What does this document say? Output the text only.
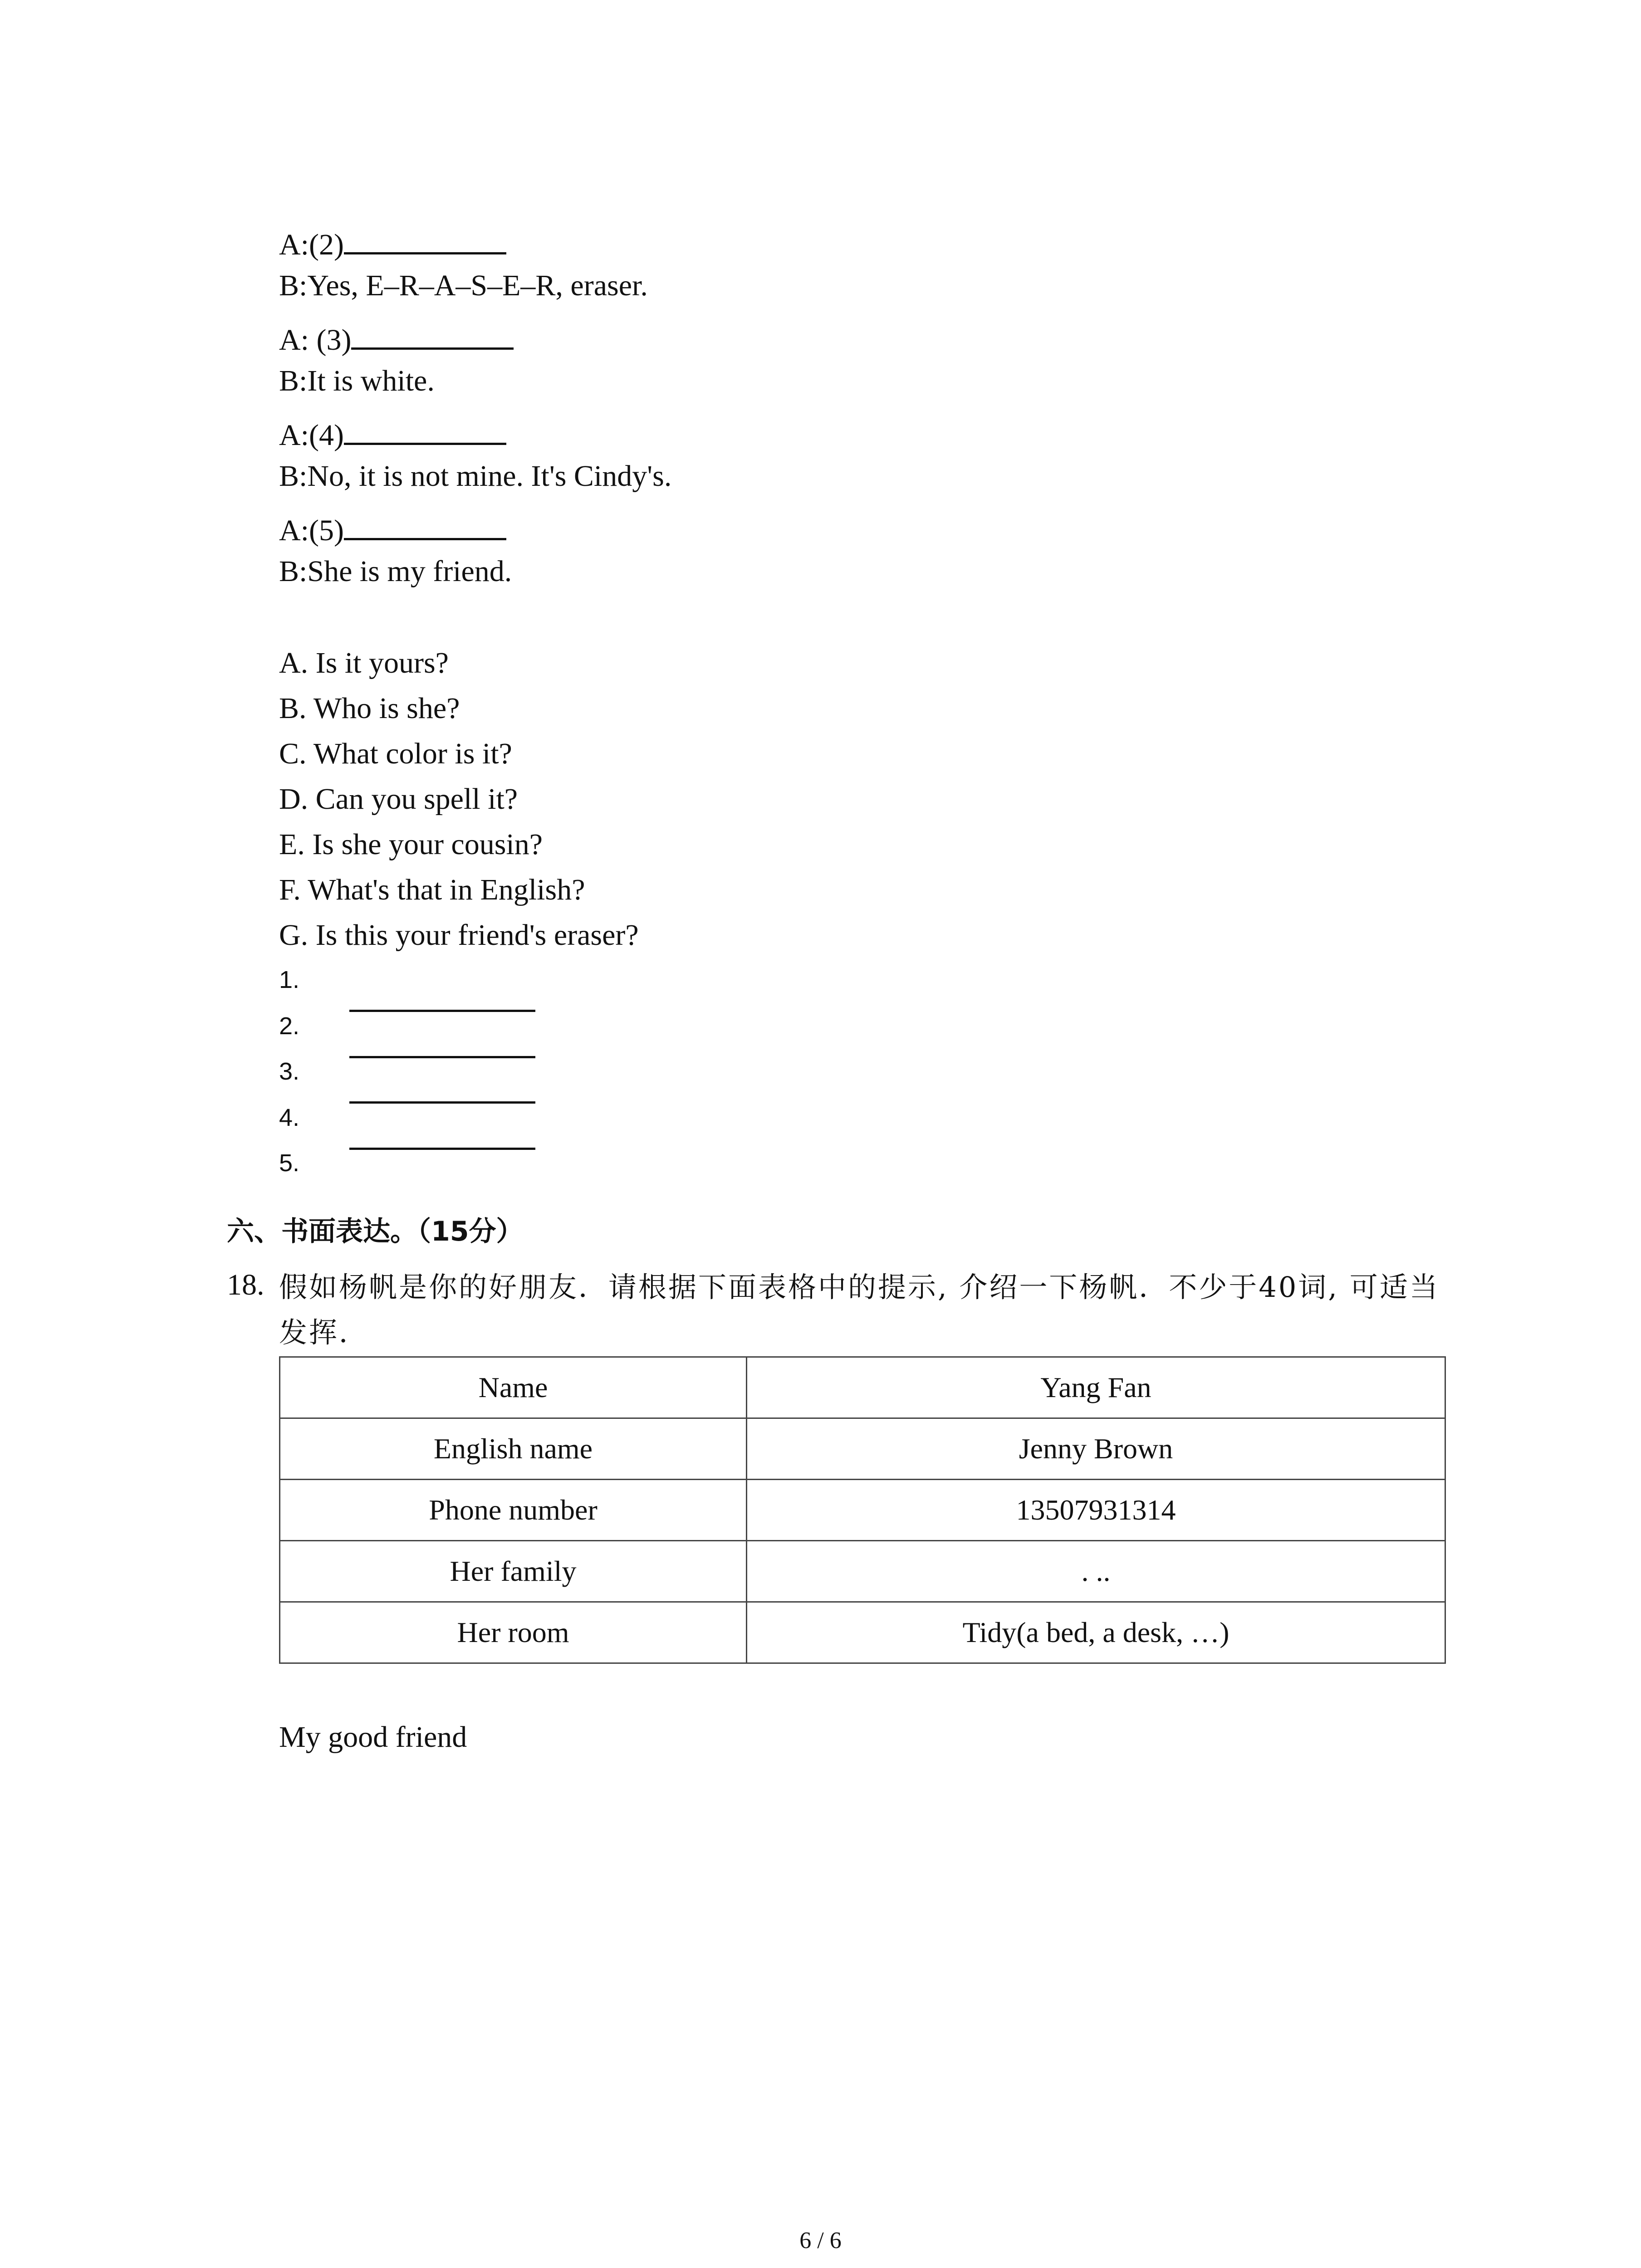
A:(2)
B:Yes, E–R–A–S–E–R, eraser.
A: (3)
B:It is white.
A:(4)
B:No, it is not mine. It's Cindy's.
A:(5)
B:She is my friend.
A. Is it yours?
B. Who is she?
C. What color is it?
D. Can you spell it?
E. Is she your cousin?
F. What's that in English?
G. Is this your friend's eraser?
1.
2.
3.
4.
5.
六、书面表达。（15分）
18. 假如杨帆是你的好朋友．请根据下面表格中的提示, 介绍一下杨帆．不少于40词, 可适当发挥．
Name	Yang Fan
English name	Jenny Brown
Phone number	13507931314
Her family	. ..
Her room	Tidy(a bed, a desk, …)
My good friend
6 / 6
